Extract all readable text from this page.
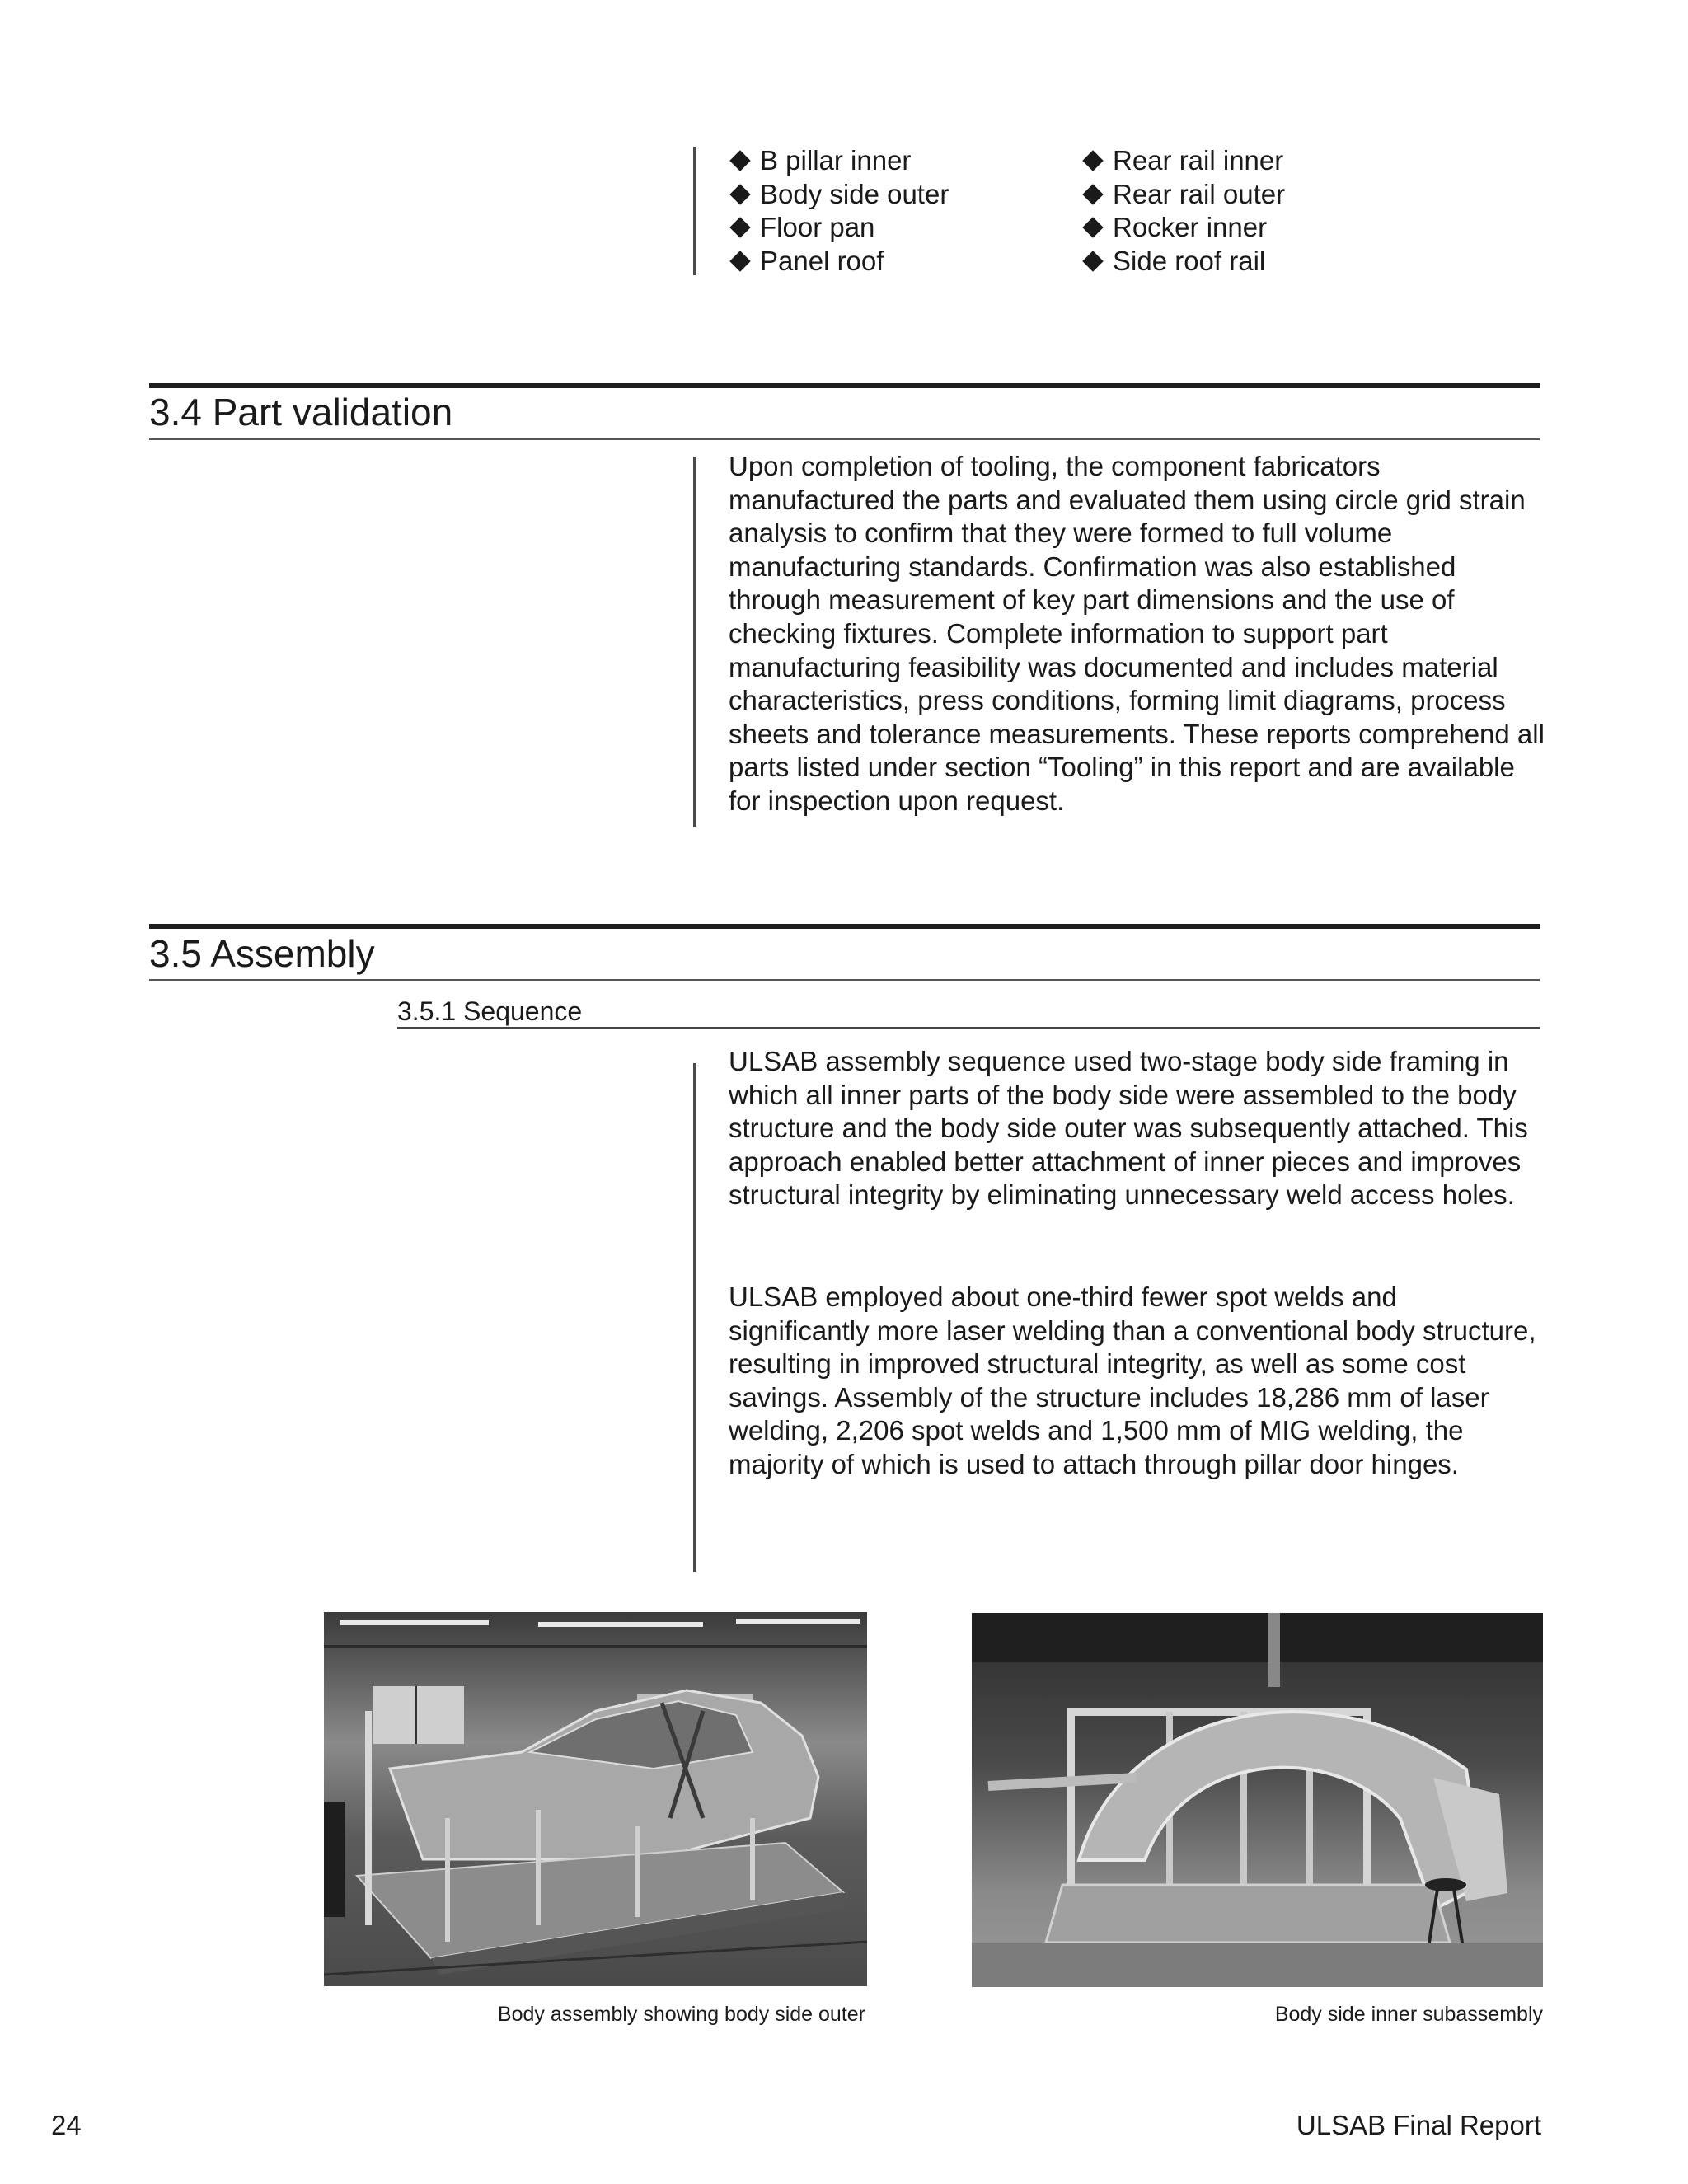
B pillar inner
Body side outer
Floor pan
Panel roof
Rear rail inner
Rear rail outer
Rocker inner
Side roof rail
3.4 Part validation

Upon completion of tooling, the component fabricators manufactured the parts and evaluated them using circle grid strain analysis to confirm that they were formed to full volume manufacturing standards. Confirmation was also established through measurement of key part dimensions and the use of checking fixtures. Complete information to support part manufacturing feasibility was documented and includes material characteristics, press conditions, forming limit diagrams, process sheets and tolerance measurements. These reports comprehend all parts listed under section “Tooling” in this report and are available for inspection upon request.

3.5 Assembly
3.5.1 Sequence

ULSAB assembly sequence used two-stage body side framing in which all inner parts of the body side were assembled to the body structure and the body side outer was subsequently attached. This approach enabled better attachment of inner pieces and improves structural integrity by eliminating unnecessary weld access holes.

ULSAB employed about one-third fewer spot welds and significantly more laser welding than a conventional body structure, resulting in improved structural integrity, as well as some cost savings. Assembly of the structure includes 18,286 mm of laser welding, 2,206 spot welds and 1,500 mm of MIG welding, the majority of which is used to attach through pillar door hinges.

Body assembly showing body side outer	Body side inner subassembly
24	ULSAB Final Report
